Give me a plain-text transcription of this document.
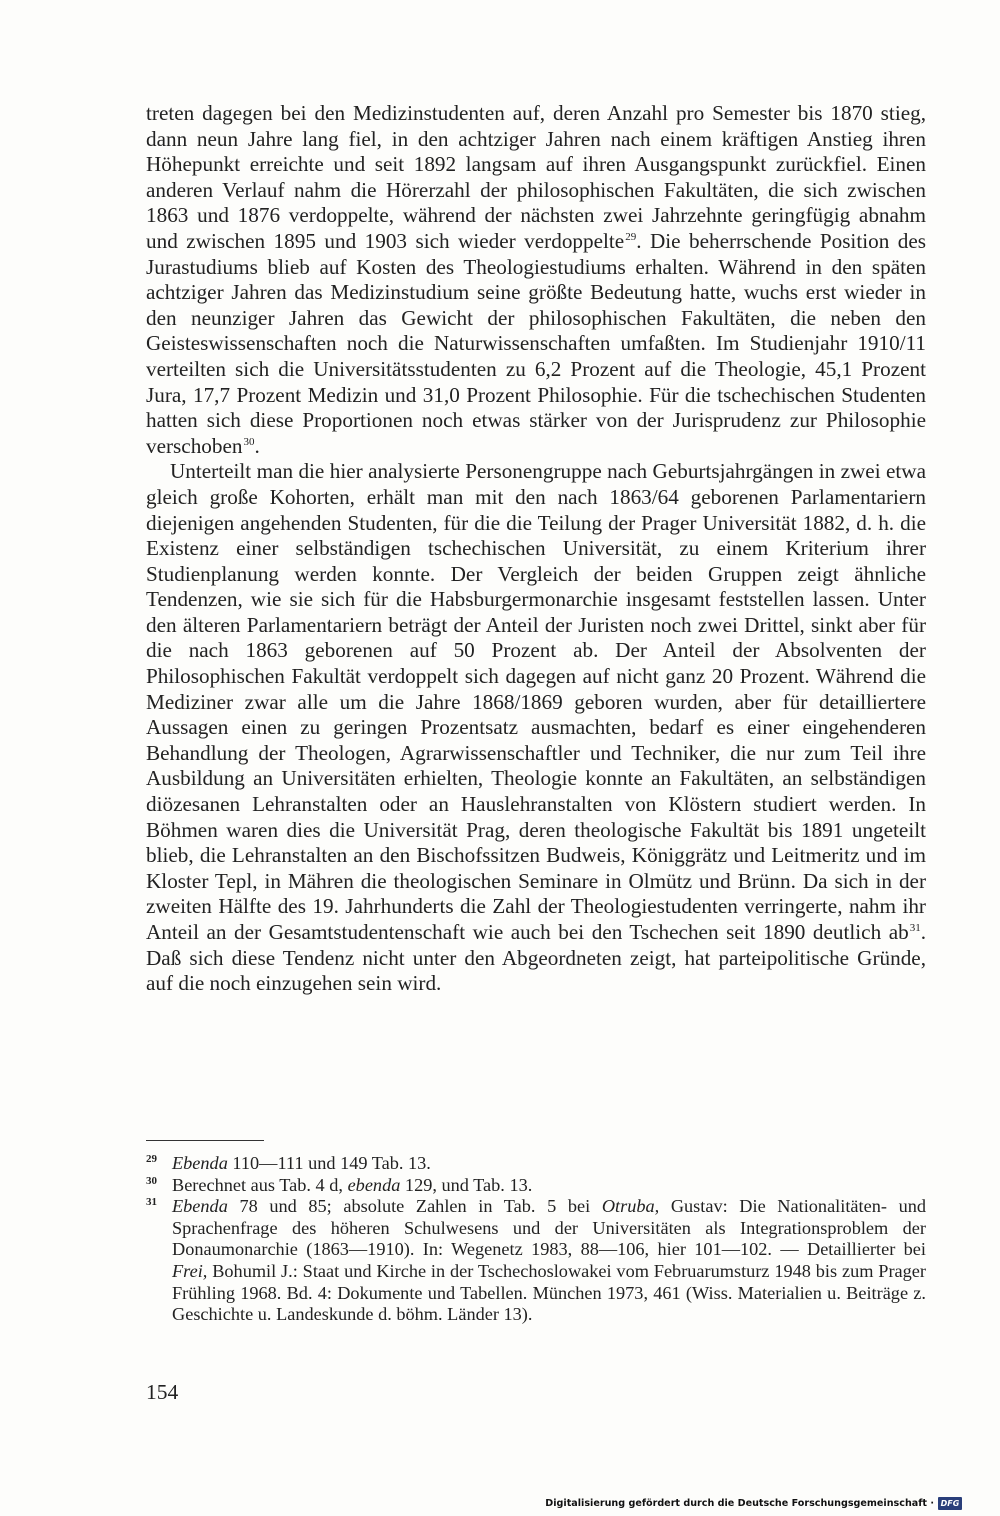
treten dagegen bei den Medizinstudenten auf, deren Anzahl pro Semester bis 1870 stieg, dann neun Jahre lang fiel, in den achtziger Jahren nach einem kräftigen Anstieg ihren Höhepunkt erreichte und seit 1892 langsam auf ihren Ausgangspunkt zurückfiel. Einen anderen Verlauf nahm die Hörerzahl der philosophischen Fakultäten, die sich zwischen 1863 und 1876 verdoppelte, während der nächsten zwei Jahrzehnte geringfügig abnahm und zwischen 1895 und 1903 sich wieder verdoppelte$^{29}$. Die beherrschende Position des Jurastudiums blieb auf Kosten des Theologiestudiums erhalten. Während in den späten achtziger Jahren das Medizinstudium seine größte Bedeutung hatte, wuchs erst wieder in den neunziger Jahren das Gewicht der philosophischen Fakultäten, die neben den Geisteswissenschaften noch die Naturwissenschaften umfaßten. Im Studienjahr 1910/11 verteilten sich die Universitätsstudenten zu 6,2 Prozent auf die Theologie, 45,1 Prozent Jura, 17,7 Prozent Medizin und 31,0 Prozent Philosophie. Für die tschechischen Studenten hatten sich diese Proportionen noch etwas stärker von der Jurisprudenz zur Philosophie verschoben$^{30}$.

Unterteilt man die hier analysierte Personengruppe nach Geburtsjahrgängen in zwei etwa gleich große Kohorten, erhält man mit den nach 1863/64 geborenen Parlamentariern diejenigen angehenden Studenten, für die die Teilung der Prager Universität 1882, d. h. die Existenz einer selbständigen tschechischen Universität, zu einem Kriterium ihrer Studienplanung werden konnte. Der Vergleich der beiden Gruppen zeigt ähnliche Tendenzen, wie sie sich für die Habsburgermonarchie insgesamt feststellen lassen. Unter den älteren Parlamentariern beträgt der Anteil der Juristen noch zwei Drittel, sinkt aber für die nach 1863 geborenen auf 50 Prozent ab. Der Anteil der Absolventen der Philosophischen Fakultät verdoppelt sich dagegen auf nicht ganz 20 Prozent. Während die Mediziner zwar alle um die Jahre 1868/1869 geboren wurden, aber für detailliertere Aussagen einen zu geringen Prozentsatz ausmachten, bedarf es einer eingehenderen Behandlung der Theologen, Agrarwissenschaftler und Techniker, die nur zum Teil ihre Ausbildung an Universitäten erhielten, Theologie konnte an Fakultäten, an selbständigen diözesanen Lehranstalten oder an Hauslehranstalten von Klöstern studiert werden. In Böhmen waren dies die Universität Prag, deren theologische Fakultät bis 1891 ungeteilt blieb, die Lehranstalten an den Bischofssitzen Budweis, Königgrätz und Leitmeritz und im Kloster Tepl, in Mähren die theologischen Seminare in Olmütz und Brünn. Da sich in der zweiten Hälfte des 19. Jahrhunderts die Zahl der Theologiestudenten verringerte, nahm ihr Anteil an der Gesamtstudentenschaft wie auch bei den Tschechen seit 1890 deutlich ab$^{31}$. Daß sich diese Tendenz nicht unter den Abgeordneten zeigt, hat parteipolitische Gründe, auf die noch einzugehen sein wird.

29 Ebenda 110—111 und 149 Tab. 13.

30 Berechnet aus Tab. 4 d, ebenda 129, und Tab. 13.

31 Ebenda 78 und 85; absolute Zahlen in Tab. 5 bei Otruba, Gustav: Die Nationalitäten- und Sprachenfrage des höheren Schulwesens und der Universitäten als Integrationsproblem der Donaumonarchie (1863—1910). In: Wegenetz 1983, 88—106, hier 101—102. — Detaillierter bei Frei, Bohumil J.: Staat und Kirche in der Tschechoslowakei vom Februarumsturz 1948 bis zum Prager Frühling 1968. Bd. 4: Dokumente und Tabellen. München 1973, 461 (Wiss. Materialien u. Beiträge z. Geschichte u. Landeskunde d. böhm. Länder 13).

154
Digitalisierung gefördert durch die Deutsche Forschungsgemeinschaft · DFG
